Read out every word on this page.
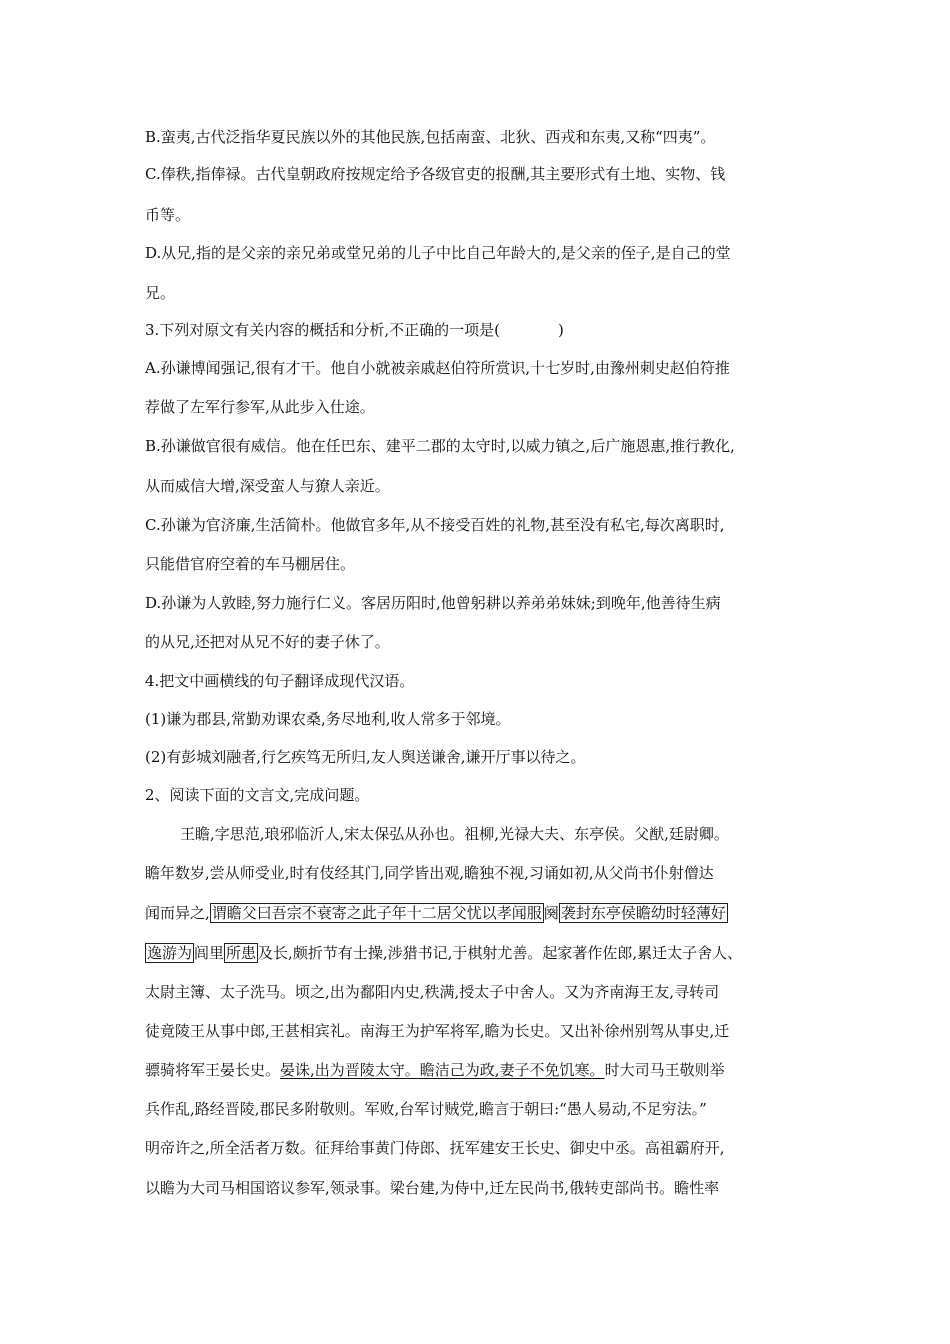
B.蛮夷,古代泛指华夏民族以外的其他民族,包括南蛮、北狄、西戎和东夷,又称“四夷”。
C.俸秩,指俸禄。古代皇朝政府按规定给予各级官吏的报酬,其主要形式有土地、实物、钱
币等。
D.从兄,指的是父亲的亲兄弟或堂兄弟的儿子中比自己年龄大的,是父亲的侄子,是自己的堂
兄。
3.下列对原文有关内容的概括和分析,不正确的一项是(	)
A.孙谦博闻强记,很有才干。他自小就被亲戚赵伯符所赏识,十七岁时,由豫州刺史赵伯符推
荐做了左军行参军,从此步入仕途。
B.孙谦做官很有威信。他在任巴东、建平二郡的太守时,以威力镇之,后广施恩惠,推行教化,
从而威信大增,深受蛮人与獠人亲近。
C.孙谦为官济廉,生活简朴。他做官多年,从不接受百姓的礼物,甚至没有私宅,每次离职时,
只能借官府空着的车马棚居住。
D.孙谦为人敦睦,努力施行仁义。客居历阳时,他曾躬耕以养弟弟妹妹;到晚年,他善待生病
的从兄,还把对从兄不好的妻子休了。
4.把文中画横线的句子翻译成现代汉语。
(1)谦为郡县,常勤劝课农桑,务尽地利,收人常多于邻境。
(2)有彭城刘融者,行乞疾笃无所归,友人舆送谦舍,谦开厅事以待之。
2、阅读下面的文言文,完成问题。
王瞻,字思范,琅邪临沂人,宋太保弘从孙也。祖柳,光禄大夫、东亭侯。父猷,廷尉卿。
瞻年数岁,尝从师受业,时有伎经其门,同学皆出观,瞻独不视,习诵如初,从父尚书仆射僧达
闻而异之, 谓瞻父曰吾宗不衰寄之此子年十二居父忧以孝闻服 阕 袭封东亭侯瞻幼时轻薄好
逸游为 闾里 所患 及长,颇折节有士操,涉猎书记,于棋射尤善。起家著作佐郎,累迁太子舍人、
太尉主簿、太子洗马。顷之,出为鄱阳内史,秩满,授太子中舍人。又为齐南海王友,寻转司
徒竟陵王从事中郎,王甚相宾礼。南海王为护军将军,瞻为长史。又出补徐州别驾从事史,迁
骠骑将军王晏长史。晏诛,出为晋陵太守。瞻洁己为政,妻子不免饥寒。时大司马王敬则举
兵作乱,路经晋陵,郡民多附敬则。军败,台军讨贼党,瞻言于朝曰:“愚人易动,不足穷法。”
明帝许之,所全活者万数。征拜给事黄门侍郎、抚军建安王长史、御史中丞。高祖霸府开,
以瞻为大司马相国谘议参军,领录事。梁台建,为侍中,迁左民尚书,俄转吏部尚书。瞻性率
